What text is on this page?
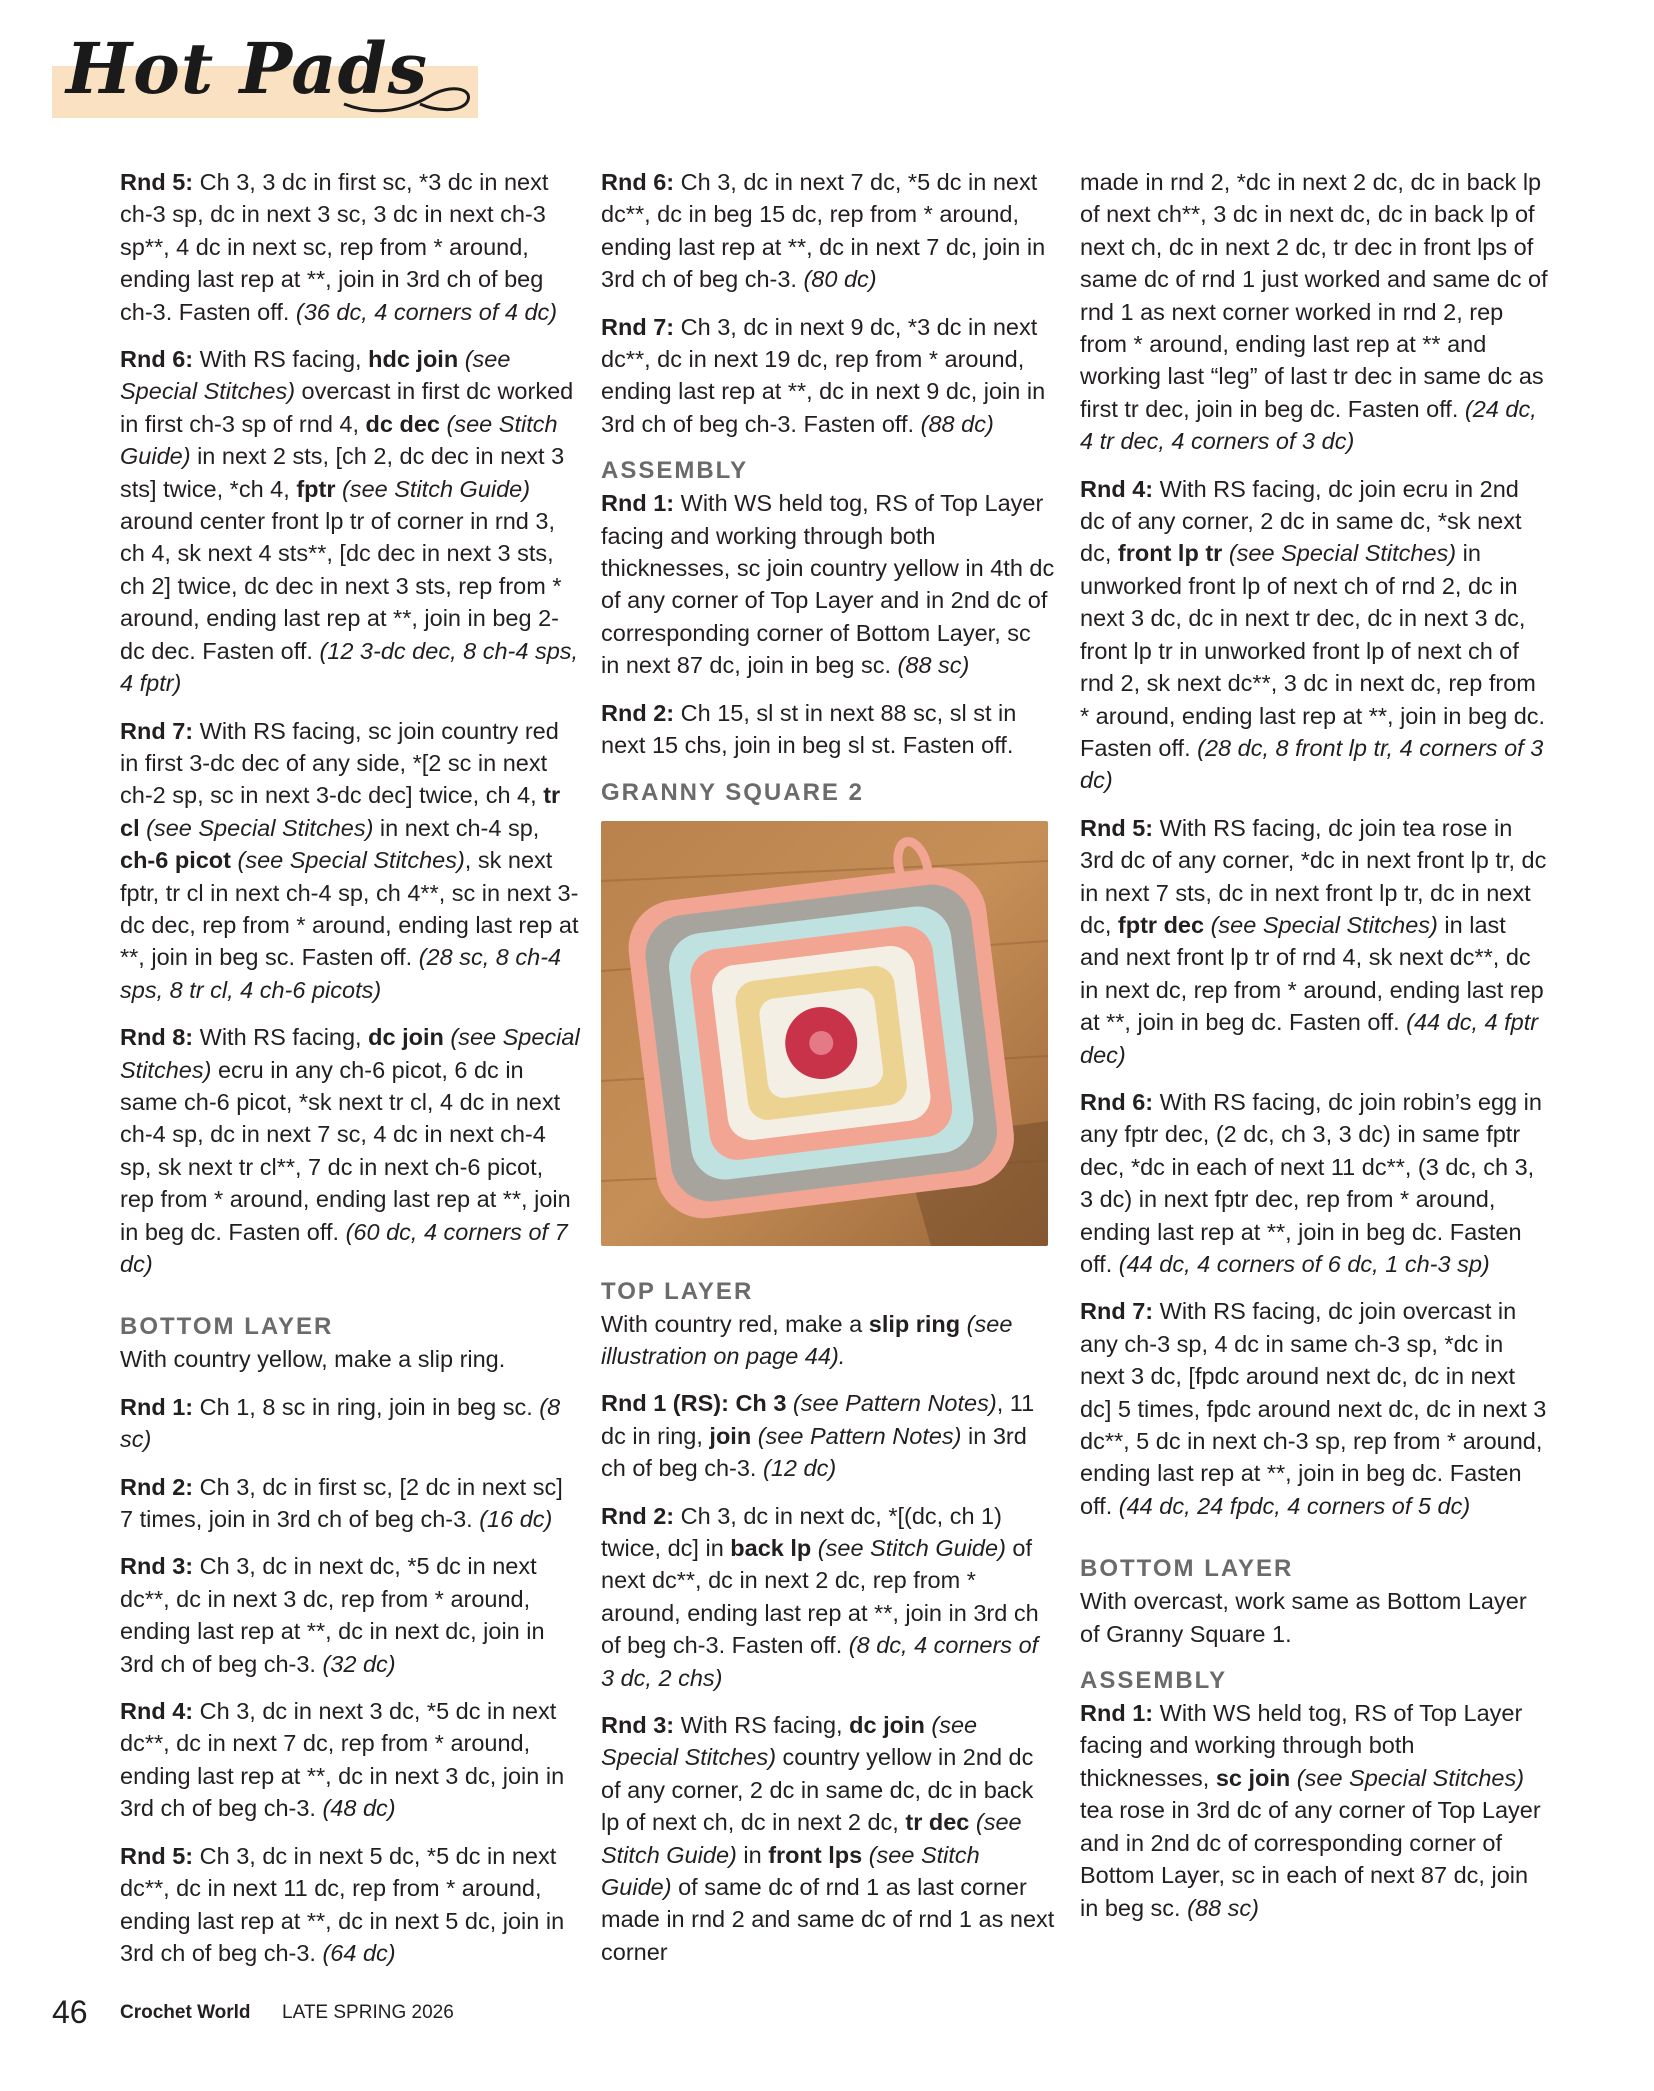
Hot Pads

Rnd 5: Ch 3, 3 dc in first sc, *3 dc in next ch-3 sp, dc in next 3 sc, 3 dc in next ch-3 sp**, 4 dc in next sc, rep from * around, ending last rep at **, join in 3rd ch of beg ch-3. Fasten off. (36 dc, 4 corners of 4 dc)

Rnd 6: With RS facing, hdc join (see Special Stitches) overcast in first dc worked in first ch-3 sp of rnd 4, dc dec (see Stitch Guide) in next 2 sts, [ch 2, dc dec in next 3 sts] twice, *ch 4, fptr (see Stitch Guide) around center front lp tr of corner in rnd 3, ch 4, sk next 4 sts**, [dc dec in next 3 sts, ch 2] twice, dc dec in next 3 sts, rep from * around, ending last rep at **, join in beg 2-dc dec. Fasten off. (12 3-dc dec, 8 ch-4 sps, 4 fptr)

Rnd 7: With RS facing, sc join country red in first 3-dc dec of any side, *[2 sc in next ch-2 sp, sc in next 3-dc dec] twice, ch 4, tr cl (see Special Stitches) in next ch-4 sp, ch-6 picot (see Special Stitches), sk next fptr, tr cl in next ch-4 sp, ch 4**, sc in next 3-dc dec, rep from * around, ending last rep at **, join in beg sc. Fasten off. (28 sc, 8 ch-4 sps, 8 tr cl, 4 ch-6 picots)

Rnd 8: With RS facing, dc join (see Special Stitches) ecru in any ch-6 picot, 6 dc in same ch-6 picot, *sk next tr cl, 4 dc in next ch-4 sp, dc in next 7 sc, 4 dc in next ch-4 sp, sk next tr cl**, 7 dc in next ch-6 picot, rep from * around, ending last rep at **, join in beg dc. Fasten off. (60 dc, 4 corners of 7 dc)

BOTTOM LAYER

With country yellow, make a slip ring.

Rnd 1: Ch 1, 8 sc in ring, join in beg sc. (8 sc)

Rnd 2: Ch 3, dc in first sc, [2 dc in next sc] 7 times, join in 3rd ch of beg ch-3. (16 dc)

Rnd 3: Ch 3, dc in next dc, *5 dc in next dc**, dc in next 3 dc, rep from * around, ending last rep at **, dc in next dc, join in 3rd ch of beg ch-3. (32 dc)

Rnd 4: Ch 3, dc in next 3 dc, *5 dc in next dc**, dc in next 7 dc, rep from * around, ending last rep at **, dc in next 3 dc, join in 3rd ch of beg ch-3. (48 dc)

Rnd 5: Ch 3, dc in next 5 dc, *5 dc in next dc**, dc in next 11 dc, rep from * around, ending last rep at **, dc in next 5 dc, join in 3rd ch of beg ch-3. (64 dc)

Rnd 6: Ch 3, dc in next 7 dc, *5 dc in next dc**, dc in beg 15 dc, rep from * around, ending last rep at **, dc in next 7 dc, join in 3rd ch of beg ch-3. (80 dc)

Rnd 7: Ch 3, dc in next 9 dc, *3 dc in next dc**, dc in next 19 dc, rep from * around, ending last rep at **, dc in next 9 dc, join in 3rd ch of beg ch-3. Fasten off. (88 dc)

ASSEMBLY

Rnd 1: With WS held tog, RS of Top Layer facing and working through both thicknesses, sc join country yellow in 4th dc of any corner of Top Layer and in 2nd dc of corresponding corner of Bottom Layer, sc in next 87 dc, join in beg sc. (88 sc)

Rnd 2: Ch 15, sl st in next 88 sc, sl st in next 15 chs, join in beg sl st. Fasten off.

GRANNY SQUARE 2

TOP LAYER

With country red, make a slip ring (see illustration on page 44).

Rnd 1 (RS): Ch 3 (see Pattern Notes), 11 dc in ring, join (see Pattern Notes) in 3rd ch of beg ch-3. (12 dc)

Rnd 2: Ch 3, dc in next dc, *[(dc, ch 1) twice, dc] in back lp (see Stitch Guide) of next dc**, dc in next 2 dc, rep from * around, ending last rep at **, join in 3rd ch of beg ch-3. Fasten off. (8 dc, 4 corners of 3 dc, 2 chs)

Rnd 3: With RS facing, dc join (see Special Stitches) country yellow in 2nd dc of any corner, 2 dc in same dc, dc in back lp of next ch, dc in next 2 dc, tr dec (see Stitch Guide) in front lps (see Stitch Guide) of same dc of rnd 1 as last corner made in rnd 2 and same dc of rnd 1 as next corner

made in rnd 2, *dc in next 2 dc, dc in back lp of next ch**, 3 dc in next dc, dc in back lp of next ch, dc in next 2 dc, tr dec in front lps of same dc of rnd 1 just worked and same dc of rnd 1 as next corner worked in rnd 2, rep from * around, ending last rep at ** and working last “leg” of last tr dec in same dc as first tr dec, join in beg dc. Fasten off. (24 dc, 4 tr dec, 4 corners of 3 dc)

Rnd 4: With RS facing, dc join ecru in 2nd dc of any corner, 2 dc in same dc, *sk next dc, front lp tr (see Special Stitches) in unworked front lp of next ch of rnd 2, dc in next 3 dc, dc in next tr dec, dc in next 3 dc, front lp tr in unworked front lp of next ch of rnd 2, sk next dc**, 3 dc in next dc, rep from * around, ending last rep at **, join in beg dc. Fasten off. (28 dc, 8 front lp tr, 4 corners of 3 dc)

Rnd 5: With RS facing, dc join tea rose in 3rd dc of any corner, *dc in next front lp tr, dc in next 7 sts, dc in next front lp tr, dc in next dc, fptr dec (see Special Stitches) in last and next front lp tr of rnd 4, sk next dc**, dc in next dc, rep from * around, ending last rep at **, join in beg dc. Fasten off. (44 dc, 4 fptr dec)

Rnd 6: With RS facing, dc join robin’s egg in any fptr dec, (2 dc, ch 3, 3 dc) in same fptr dec, *dc in each of next 11 dc**, (3 dc, ch 3, 3 dc) in next fptr dec, rep from * around, ending last rep at **, join in beg dc. Fasten off. (44 dc, 4 corners of 6 dc, 1 ch-3 sp)

Rnd 7: With RS facing, dc join overcast in any ch-3 sp, 4 dc in same ch-3 sp, *dc in next 3 dc, [fpdc around next dc, dc in next dc] 5 times, fpdc around next dc, dc in next 3 dc**, 5 dc in next ch-3 sp, rep from * around, ending last rep at **, join in beg dc. Fasten off. (44 dc, 24 fpdc, 4 corners of 5 dc)

BOTTOM LAYER

With overcast, work same as Bottom Layer of Granny Square 1.

ASSEMBLY

Rnd 1: With WS held tog, RS of Top Layer facing and working through both thicknesses, sc join (see Special Stitches) tea rose in 3rd dc of any corner of Top Layer and in 2nd dc of corresponding corner of Bottom Layer, sc in each of next 87 dc, join in beg sc. (88 sc)

46 Crochet World LATE SPRING 2026
